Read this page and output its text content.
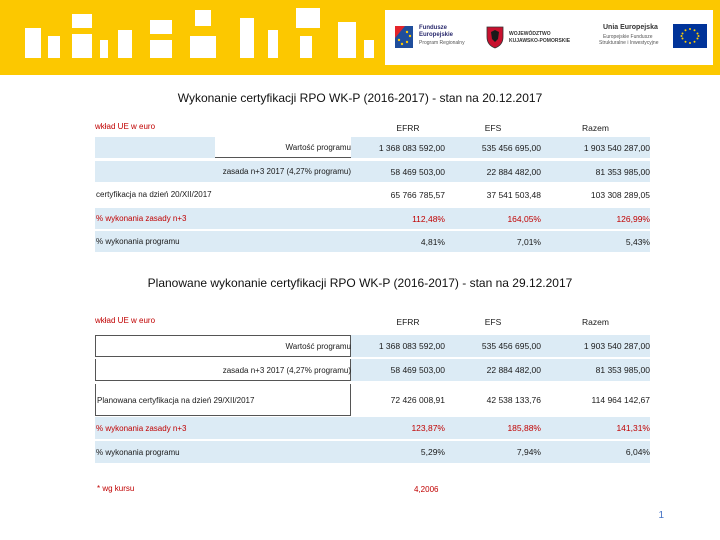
Fundusze
Europejskie
Program Regionalny
WOJEWÓDZTWO
KUJAWSKO-POMORSKIE
Unia Europejska
Europejskie Fundusze
Strukturalne i Inwestycyjne
Wykonanie certyfikacji RPO WK-P (2016-2017) - stan na 20.12.2017
wkład UE w euro	EFRR	EFS	Razem
Wartość programu	1 368 083 592,00	535 456 695,00	1 903 540 287,00
zasada n+3 2017 (4,27% programu)	58 469 503,00	22 884 482,00	81 353 985,00
certyfikacja na dzień 20/XII/2017	65 766 785,57	37 541 503,48	103 308 289,05
% wykonania zasady n+3	112,48%	164,05%	126,99%
% wykonania programu	4,81%	7,01%	5,43%
Planowane wykonanie certyfikacji RPO WK-P (2016-2017) - stan na 29.12.2017
wkład UE w euro	EFRR	EFS	Razem
Wartość programu	1 368 083 592,00	535 456 695,00	1 903 540 287,00
zasada n+3 2017 (4,27% programu)	58 469 503,00	22 884 482,00	81 353 985,00
Planowana certyfikacja na dzień 29/XII/2017	72 426 008,91	42 538 133,76	114 964 142,67
% wykonania zasady n+3	123,87%	185,88%	141,31%
% wykonania programu	5,29%	7,94%	6,04%
* wg kursu	4,2006
1
